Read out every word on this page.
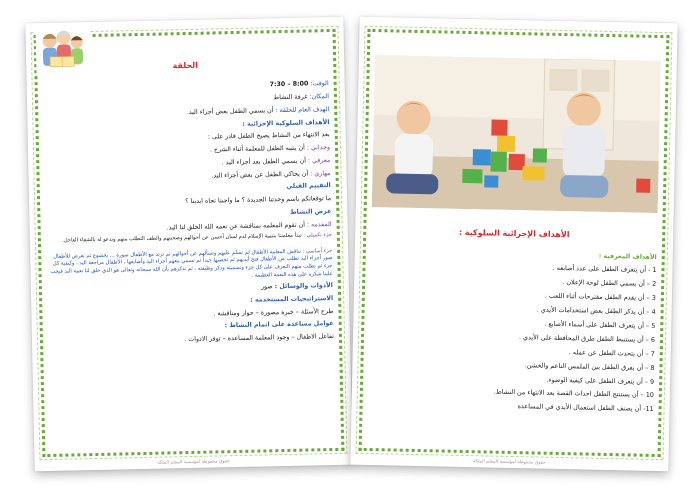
الحلقة
الوقت: 7:30 – 8:00
المكان: غرفة النشاط
الهدف العام للحلقة : أن يسمي الطفل بعض أجزاء اليد.
الأهداف السلوكية الإجرائية :
بعد الانتهاء من النشاط يصبح الطفل قادر على :
وجداني : أن ينتبه الطفل للمعلمة أثناء الشرح .
معرفي : أن يسمي الطفل بعد أجزاء اليد .
مهاري : أن يحاكي الطفل عن بعض أجزاء اليد.
التقييم القبلي
ما توقعاتكم باسم وحدتنا الجديدة ؟ ما واجبنا تجاه ابدينا ؟
عرض النشاط
المقدمه : أن تقوم المعلمه بمناقشة عن نعمه الله الخلق لنا اليد.
جزء تكميلي : تبدأ معلمتنا بتنمية الإسلام لدم لسان أحسن عن أحوالهم وصحبتهم والطف التطلب منهم وندعو له بالشفاء العاجل.
جزء أساسي : تناقش المعلمة الأطفال لم تسلم عليهم وتسألهم عن أحوالهم ثم ترتد مع الأطفال سورة ... بخشوع ثم تعرض للأطفال صور أجزاء اليد تطلب من الأطفال فتح أيديهم ثم تخصيها جيداً ثم تسمي معهم أجزاء اليد وأصابعها ، الأطفال مراجعة اليد ، وكيفية كل جزء ثم تطلب منهم التعرف على كل جزء وتسميته وذكر وظيفته ، ثم تذكرهم بأن الله سبحانه وتعالى هو الذي خلق لنا نعمة اليد فيجب علينا شكره على هذه النعمة العظيمة .
الأدوات والوسائل : صور
الاستراتيجيات المستخدمه :
طرح الأسئلة – خبرة مصورة – حوار ومناقشة .
عوامل مساعدة على اتمام النشاط :
تفاعل الاطفال – وجود المعلمة المساعدة – توفر الادوات .
حقوق محفوظة لمؤسسة المعلم الملكة
الأهداف الإجرائية السلوكية :
الأهداف المعرفية :
1 - أن يتعرف الطفل على عدد أصابعه .
2 – أن يسمي الطفل لوحة الإعلان .
3 – أن يقدم الطفل مقترحات أثناء اللعب .
4 – أن يذكر الطفل بعض استخدامات الأيدي .
5 – أن يتعرف الطفل على أسماء الأصابع .
6 – أن يستنبط الطفل طرق المحافظة على الأيدي .
7 – أن يتحدث الطفل عن عمله .
8 – أن يفرق الطفل بين الملمس الناعم والخشن.
9 – أن يتعرف الطفل على كيفية الوضوء.
10 – أن يستنتج الطفل احداث القصة بعد الانتهاء من النشاط.
11- أن يصنف الطفل استعمال الأيدي في المساعدة
حقوق محفوظة لمؤسسة المعلم الملكة
